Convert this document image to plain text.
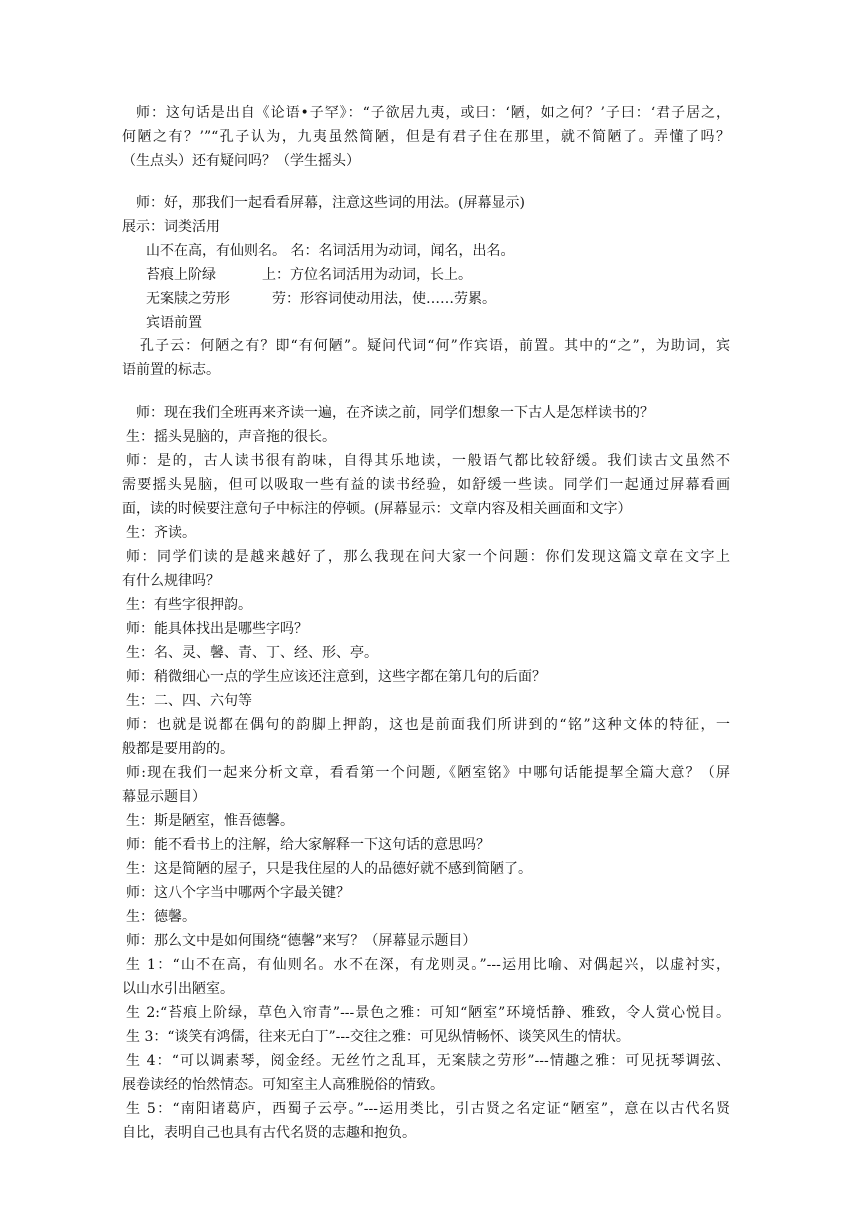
师：这句话是出自《论语•子罕》：“子欲居九夷，或曰：‘陋，如之何？’子曰：‘君子居之，
何陋之有？’”“孔子认为，九夷虽然简陋，但是有君子住在那里，就不简陋了。弄懂了吗？
（生点头）还有疑问吗？（学生摇头）
师：好，那我们一起看看屏幕，注意这些词的用法。(屏幕显示)
展示：词类活用
山不在高，有仙则名。 名：名词活用为动词，闻名，出名。
苔痕上阶绿	上：方位名词活用为动词，长上。
无案牍之劳形	劳：形容词使动用法，使……劳累。
宾语前置
孔子云：何陋之有？即“有何陋”。疑问代词“何”作宾语，前置。其中的“之”，为助词，宾
语前置的标志。
师：现在我们全班再来齐读一遍，在齐读之前，同学们想象一下古人是怎样读书的？
生：摇头晃脑的，声音拖的很长。
师：是的，古人读书很有韵味，自得其乐地读，一般语气都比较舒缓。我们读古文虽然不
需要摇头晃脑，但可以吸取一些有益的读书经验，如舒缓一些读。同学们一起通过屏幕看画
面，读的时候要注意句子中标注的停顿。(屏幕显示：文章内容及相关画面和文字）
生：齐读。
师：同学们读的是越来越好了，那么我现在问大家一个问题：你们发现这篇文章在文字上
有什么规律吗？
生：有些字很押韵。
师：能具体找出是哪些字吗？
生：名、灵、馨、青、丁、经、形、亭。
师：稍微细心一点的学生应该还注意到，这些字都在第几句的后面？
生：二、四、六句等
师：也就是说都在偶句的韵脚上押韵，这也是前面我们所讲到的“铭”这种文体的特征，一
般都是要用韵的。
师:现在我们一起来分析文章，看看第一个问题,《陋室铭》中哪句话能提挈全篇大意？（屏
幕显示题目）
生：斯是陋室，惟吾德馨。
师：能不看书上的注解，给大家解释一下这句话的意思吗？
生：这是简陋的屋子，只是我住屋的人的品德好就不感到简陋了。
师：这八个字当中哪两个字最关键？
生：德馨。
师：那么文中是如何围绕“德馨”来写？（屏幕显示题目）
生 1：“山不在高，有仙则名。水不在深，有龙则灵。”---运用比喻、对偶起兴，以虚衬实，
以山水引出陋室。
生 2:“苔痕上阶绿，草色入帘青”---景色之雅：可知“陋室”环境恬静、雅致，令人赏心悦目。
生 3：“谈笑有鸿儒，往来无白丁”---交往之雅：可见纵情畅怀、谈笑风生的情状。
生 4：“可以调素琴，阅金经。无丝竹之乱耳，无案牍之劳形”---情趣之雅：可见抚琴调弦、
展卷读经的怡然情态。可知室主人高雅脱俗的情致。
生 5：“南阳诸葛庐，西蜀子云亭。”---运用类比，引古贤之名定证“陋室”，意在以古代名贤
自比，表明自己也具有古代名贤的志趣和抱负。
